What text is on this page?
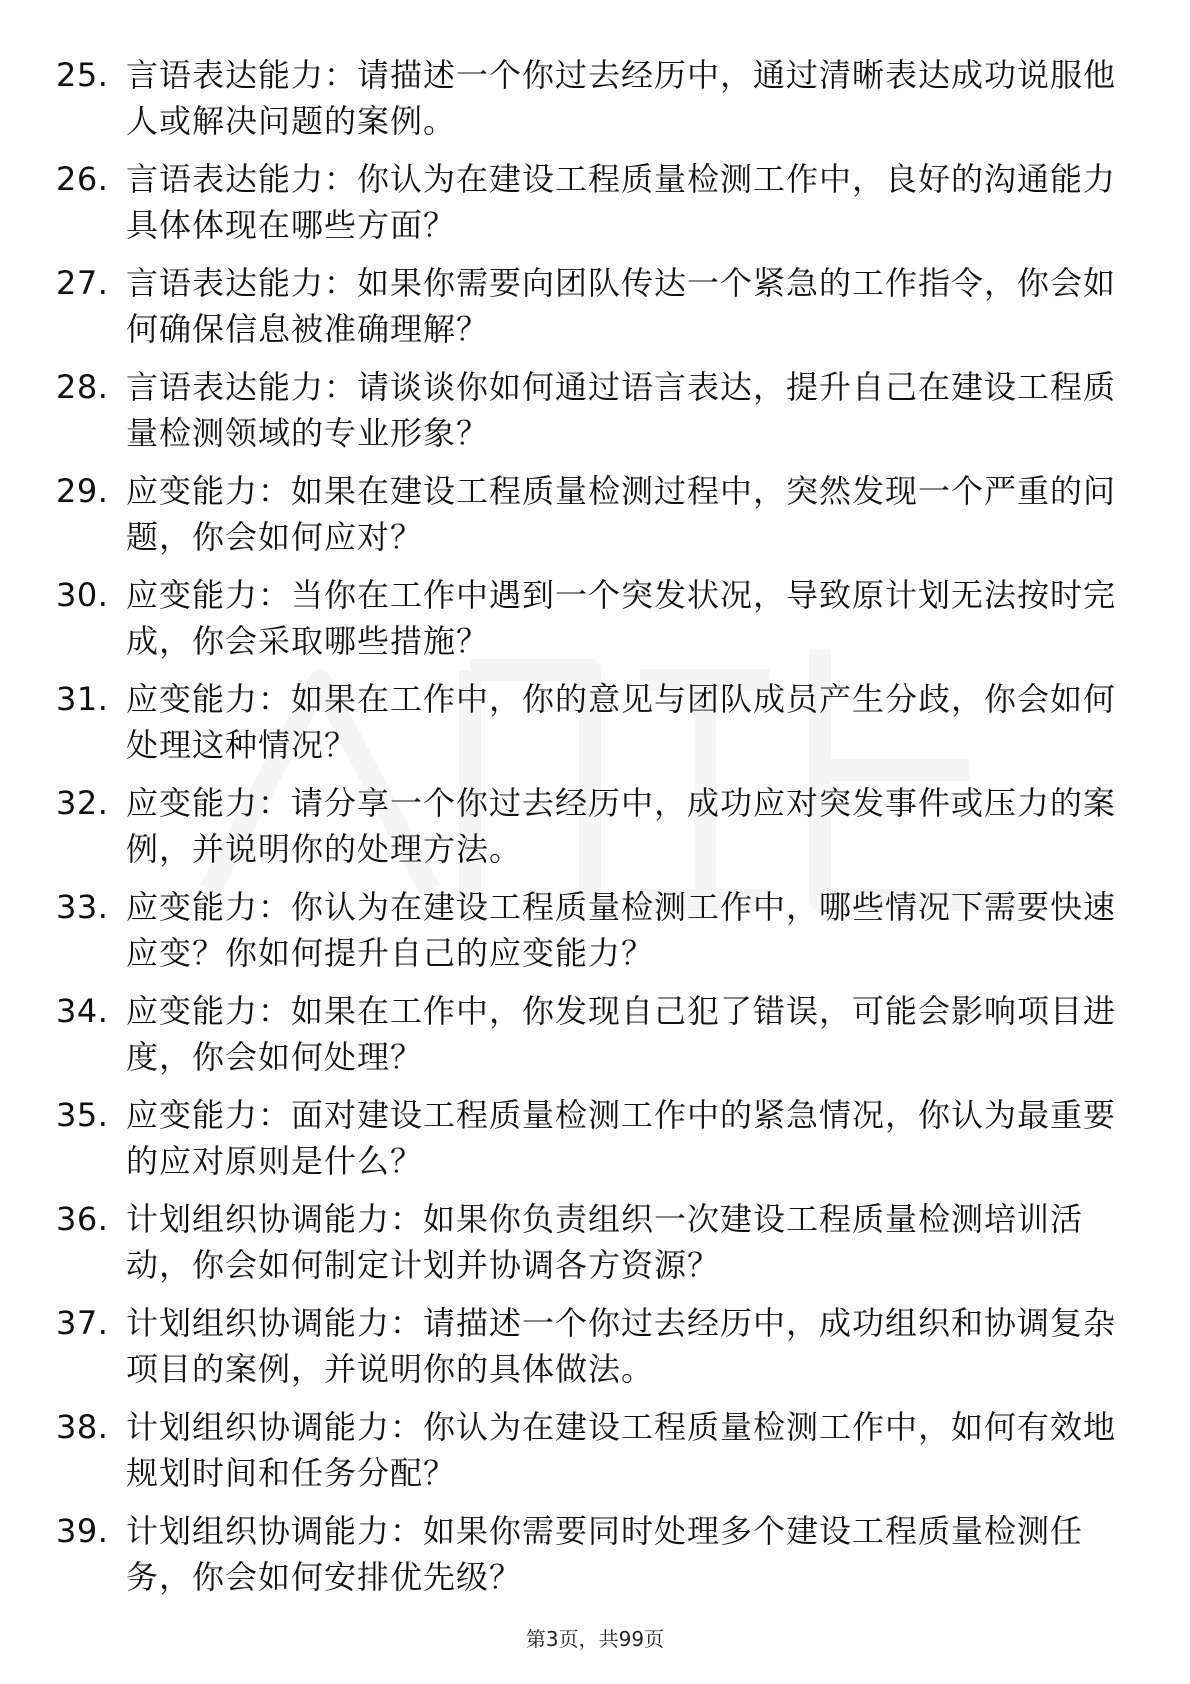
25. 言语表达能力：请描述一个你过去经历中，通过清晰表达成功说服他人或解决问题的案例。
26. 言语表达能力：你认为在建设工程质量检测工作中，良好的沟通能力具体体现在哪些方面？
27. 言语表达能力：如果你需要向团队传达一个紧急的工作指令，你会如何确保信息被准确理解？
28. 言语表达能力：请谈谈你如何通过语言表达，提升自己在建设工程质量检测领域的专业形象？
29. 应变能力：如果在建设工程质量检测过程中，突然发现一个严重的问题，你会如何应对？
30. 应变能力：当你在工作中遇到一个突发状况，导致原计划无法按时完成，你会采取哪些措施？
31. 应变能力：如果在工作中，你的意见与团队成员产生分歧，你会如何处理这种情况？
32. 应变能力：请分享一个你过去经历中，成功应对突发事件或压力的案例，并说明你的处理方法。
33. 应变能力：你认为在建设工程质量检测工作中，哪些情况下需要快速应变？你如何提升自己的应变能力？
34. 应变能力：如果在工作中，你发现自己犯了错误，可能会影响项目进度，你会如何处理？
35. 应变能力：面对建设工程质量检测工作中的紧急情况，你认为最重要的应对原则是什么？
36. 计划组织协调能力：如果你负责组织一次建设工程质量检测培训活动，你会如何制定计划并协调各方资源？
37. 计划组织协调能力：请描述一个你过去经历中，成功组织和协调复杂项目的案例，并说明你的具体做法。
38. 计划组织协调能力：你认为在建设工程质量检测工作中，如何有效地规划时间和任务分配？
39. 计划组织协调能力：如果你需要同时处理多个建设工程质量检测任务，你会如何安排优先级？
第3页，共99页
